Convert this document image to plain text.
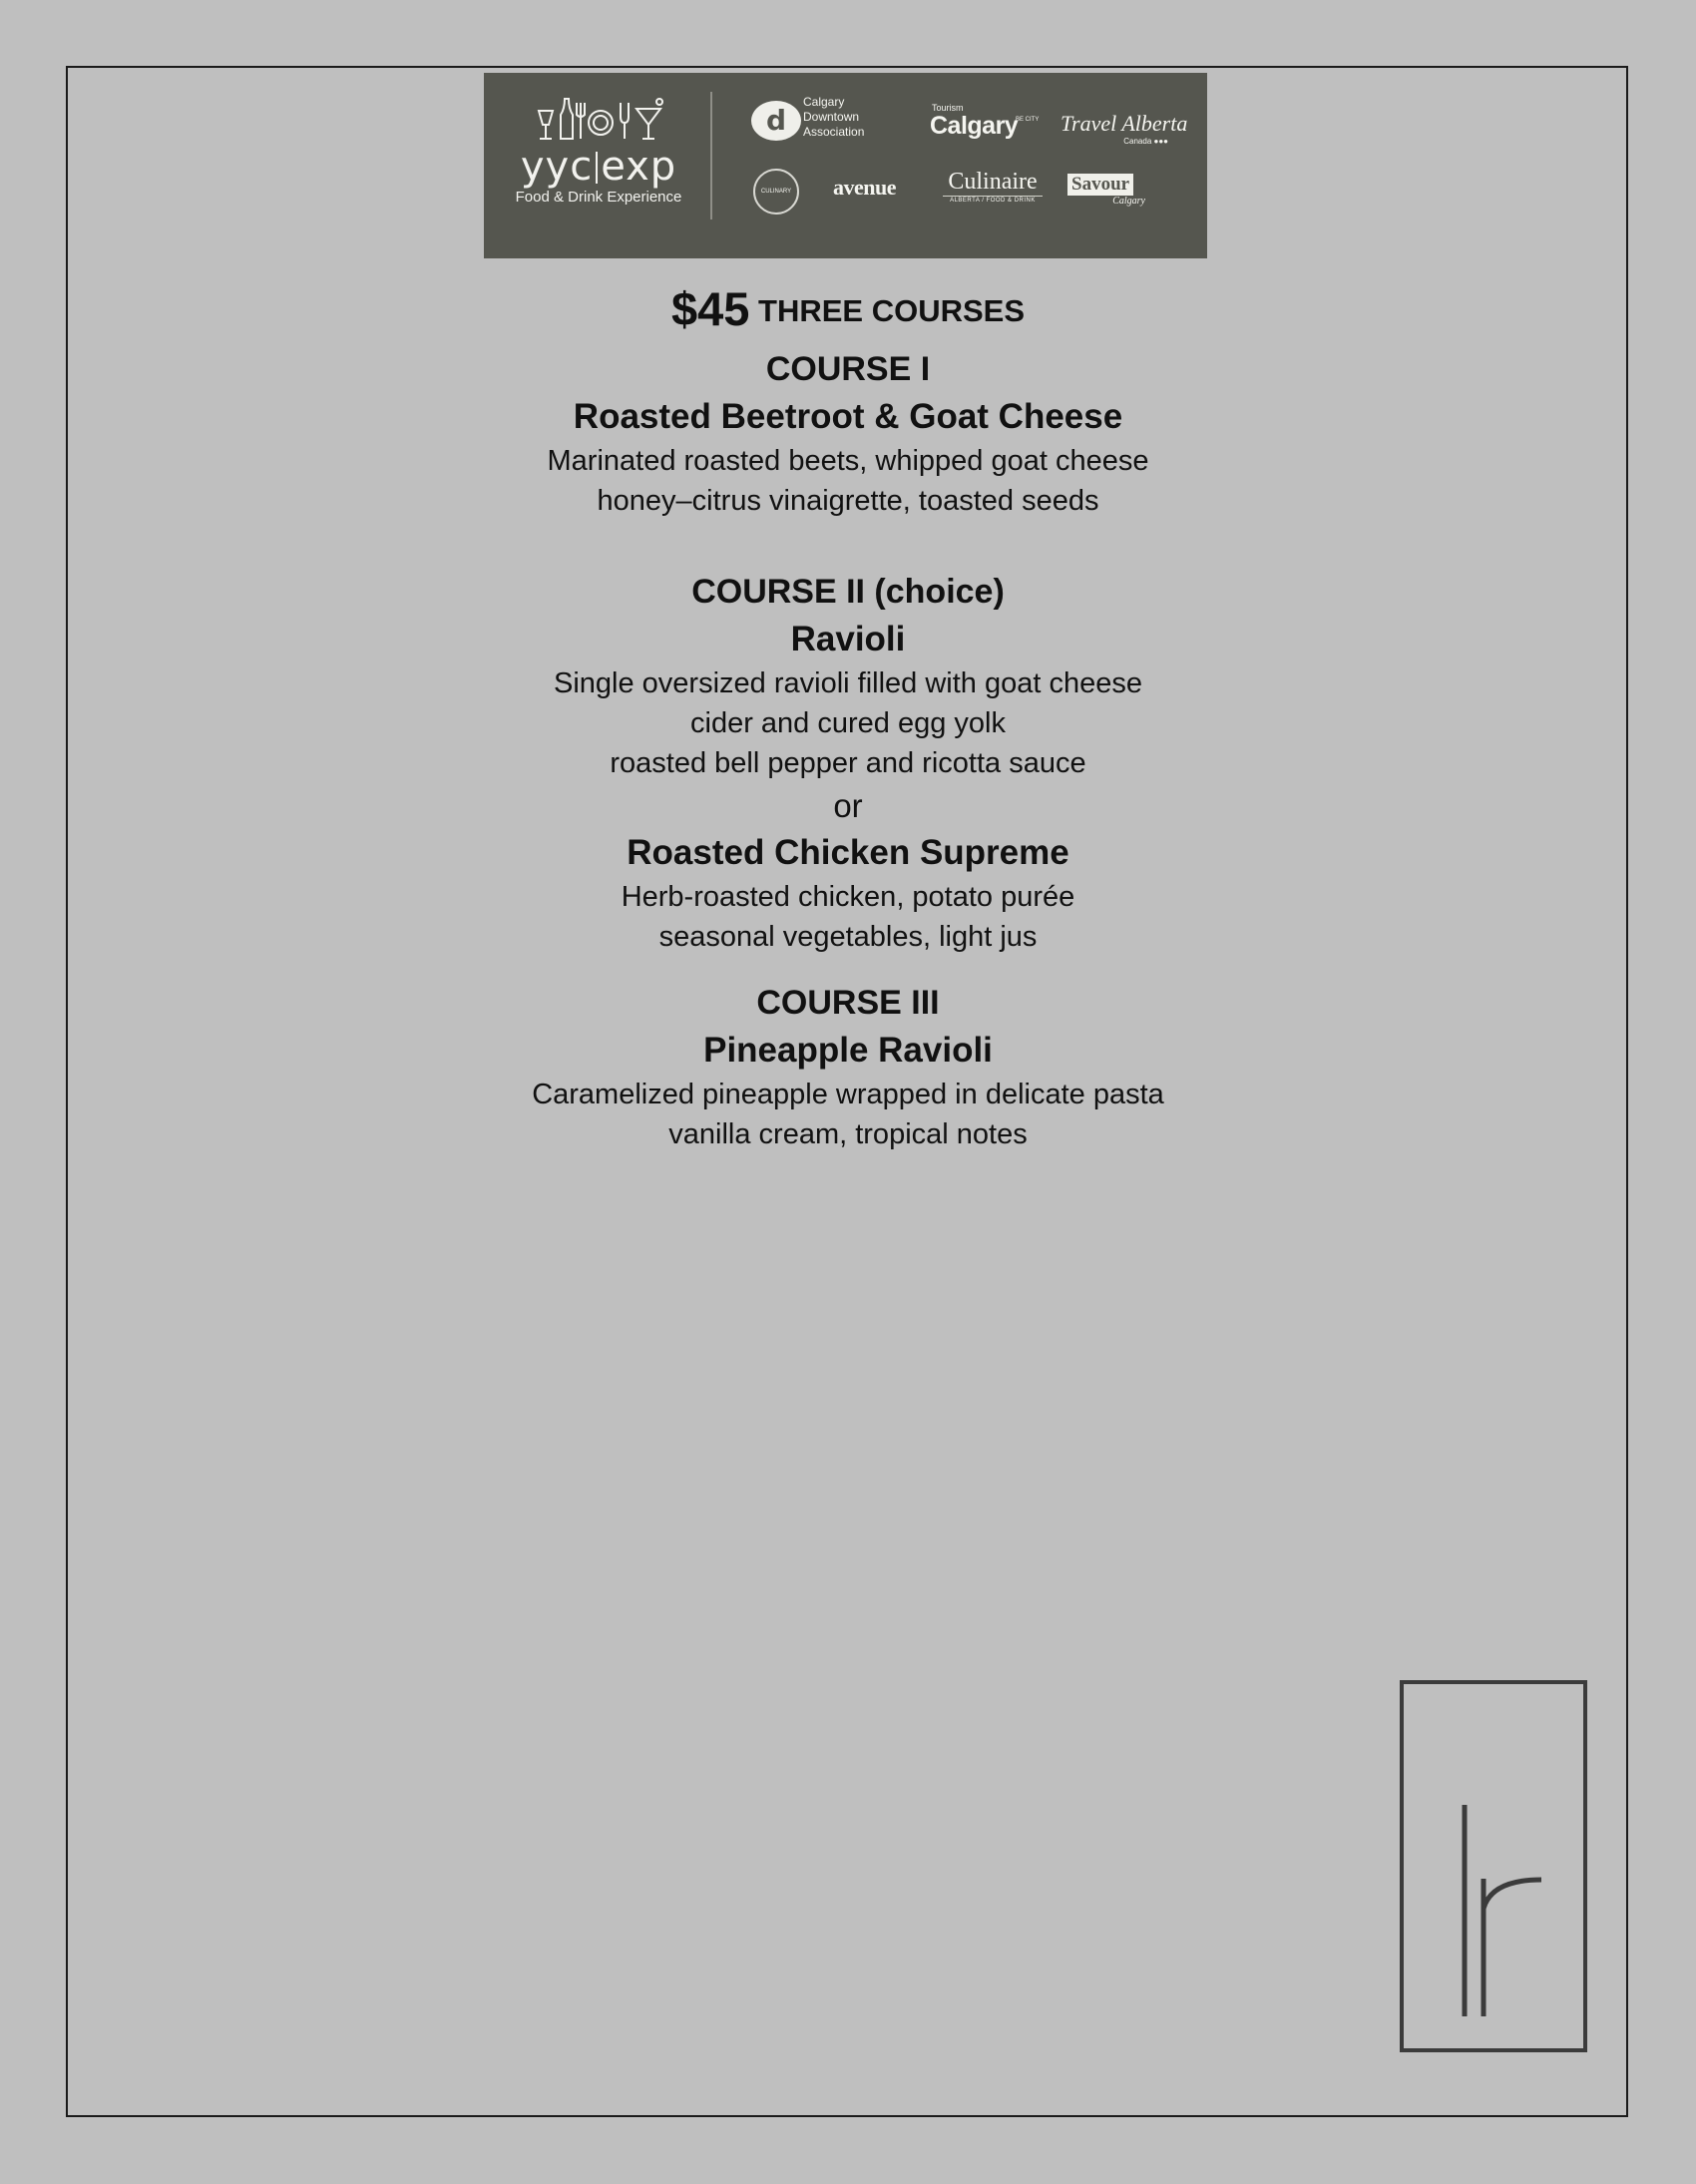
yyc exp
Food & Drink Experience
d
Calgary
Downtown
Association
Tourism
Calgary
BE CITY Travel Alberta
Canada ●●●
CULINARY	avenue Culinaire
ALBERTA / FOOD & DRINK
Savour
Calgary
$45 THREE COURSES
COURSE I
Roasted Beetroot & Goat Cheese
Marinated roasted beets, whipped goat cheese
honey–citrus vinaigrette, toasted seeds
COURSE II (choice)
Ravioli
Single oversized ravioli filled with goat cheese
cider and cured egg yolk
roasted bell pepper and ricotta sauce
or
Roasted Chicken Supreme
Herb-roasted chicken, potato purée
seasonal vegetables, light jus
COURSE III
Pineapple Ravioli
Caramelized pineapple wrapped in delicate pasta
vanilla cream, tropical notes
